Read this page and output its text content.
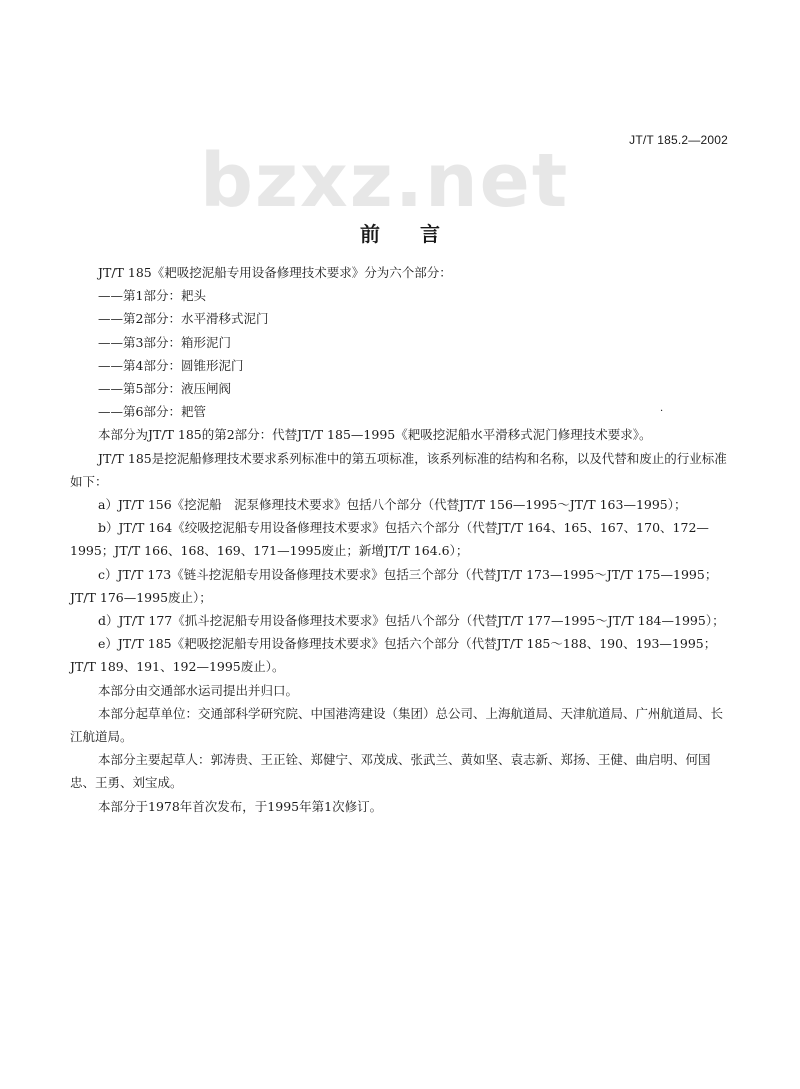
JT/T 185.2—2002
bzxz.net
前言
·

JT/T 185《耙吸挖泥船专用设备修理技术要求》分为六个部分：

——第1部分：耙头

——第2部分：水平滑移式泥门

——第3部分：箱形泥门

——第4部分：圆锥形泥门

——第5部分：液压闸阀

——第6部分：耙管

本部分为JT/T 185的第2部分：代替JT/T 185—1995《耙吸挖泥船水平滑移式泥门修理技术要求》。

JT/T 185是挖泥船修理技术要求系列标准中的第五项标准，该系列标准的结构和名称，以及代替和废止的行业标准如下：

a）JT/T 156《挖泥船　泥泵修理技术要求》包括八个部分（代替JT/T 156—1995～JT/T 163—1995）；

b）JT/T 164《绞吸挖泥船专用设备修理技术要求》包括六个部分（代替JT/T 164、165、167、170、172—1995；JT/T 166、168、169、171—1995废止；新增JT/T 164.6）；

c）JT/T 173《链斗挖泥船专用设备修理技术要求》包括三个部分（代替JT/T 173—1995～JT/T 175—1995；JT/T 176—1995废止）；

d）JT/T 177《抓斗挖泥船专用设备修理技术要求》包括八个部分（代替JT/T 177—1995～JT/T 184—1995）；

e）JT/T 185《耙吸挖泥船专用设备修理技术要求》包括六个部分（代替JT/T 185～188、190、193—1995；JT/T 189、191、192—1995废止）。

本部分由交通部水运司提出并归口。

本部分起草单位：交通部科学研究院、中国港湾建设（集团）总公司、上海航道局、天津航道局、广州航道局、长江航道局。

本部分主要起草人：郭涛贵、王正铨、郑健宁、邓茂成、张武兰、黄如坚、袁志新、郑扬、王健、曲启明、何国忠、王勇、刘宝成。

本部分于1978年首次发布，于1995年第1次修订。
